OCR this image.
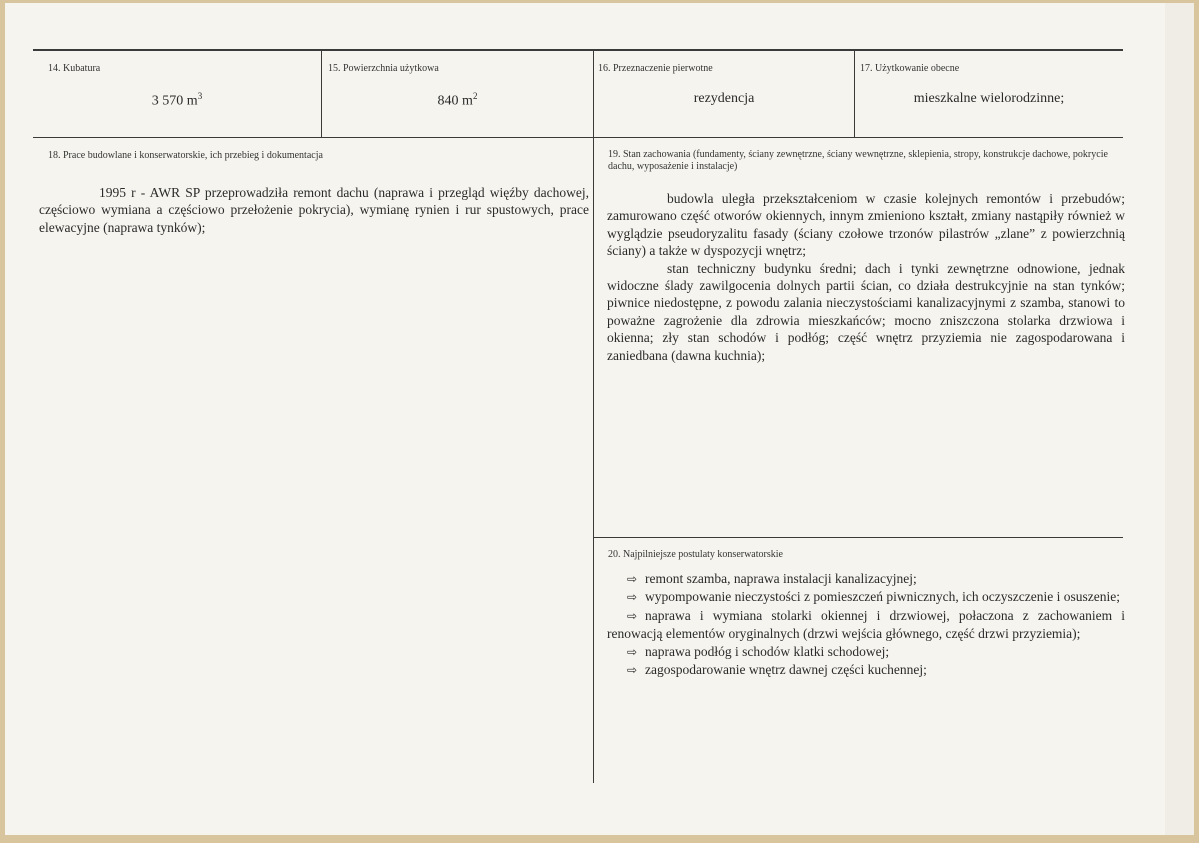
14. Kubatura
3 570 $m^3$
15. Powierzchnia użytkowa
840 $m^2$
16. Przeznaczenie pierwotne
rezydencja
17. Użytkowanie obecne
mieszkalne wielorodzinne;
18. Prace budowlane i konserwatorskie, ich przebieg i dokumentacja

1995 r - AWR SP przeprowadziła remont dachu (naprawa i przegląd więźby dachowej, częściowo wymiana a częściowo przełożenie pokrycia), wymianę rynien i rur spustowych, prace elewacyjne (naprawa tynków);

19. Stan zachowania (fundamenty, ściany zewnętrzne, ściany wewnętrzne, sklepienia, stropy, konstrukcje dachowe, pokrycie dachu, wyposażenie i instalacje)

budowla uległa przekształceniom w czasie kolejnych remontów i przebudów; zamurowano część otworów okiennych, innym zmieniono kształt, zmiany nastąpiły również w wyglądzie pseudoryzalitu fasady (ściany czołowe trzonów pilastrów „zlane” z powierzchnią ściany) a także w dyspozycji wnętrz;

stan techniczny budynku średni; dach i tynki zewnętrzne odnowione, jednak widoczne ślady zawilgocenia dolnych partii ścian, co działa destrukcyjnie na stan tynków; piwnice niedostępne, z powodu zalania nieczystościami kanalizacyjnymi z szamba, stanowi to poważne zagrożenie dla zdrowia mieszkańców; mocno zniszczona stolarka drzwiowa i okienna; zły stan schodów i podłóg; część wnętrz przyziemia nie zagospodarowana i zaniedbana (dawna kuchnia);

20. Najpilniejsze postulaty konserwatorskie

⇨ remont szamba, naprawa instalacji kanalizacyjnej;

⇨ wypompowanie nieczystości z pomieszczeń piwnicznych, ich oczyszczenie i osuszenie;

⇨ naprawa i wymiana stolarki okiennej i drzwiowej, połaczona z zachowaniem i renowacją elementów oryginalnych (drzwi wejścia głównego, część drzwi przyziemia);

⇨ naprawa podłóg i schodów klatki schodowej;

⇨ zagospodarowanie wnętrz dawnej części kuchennej;
